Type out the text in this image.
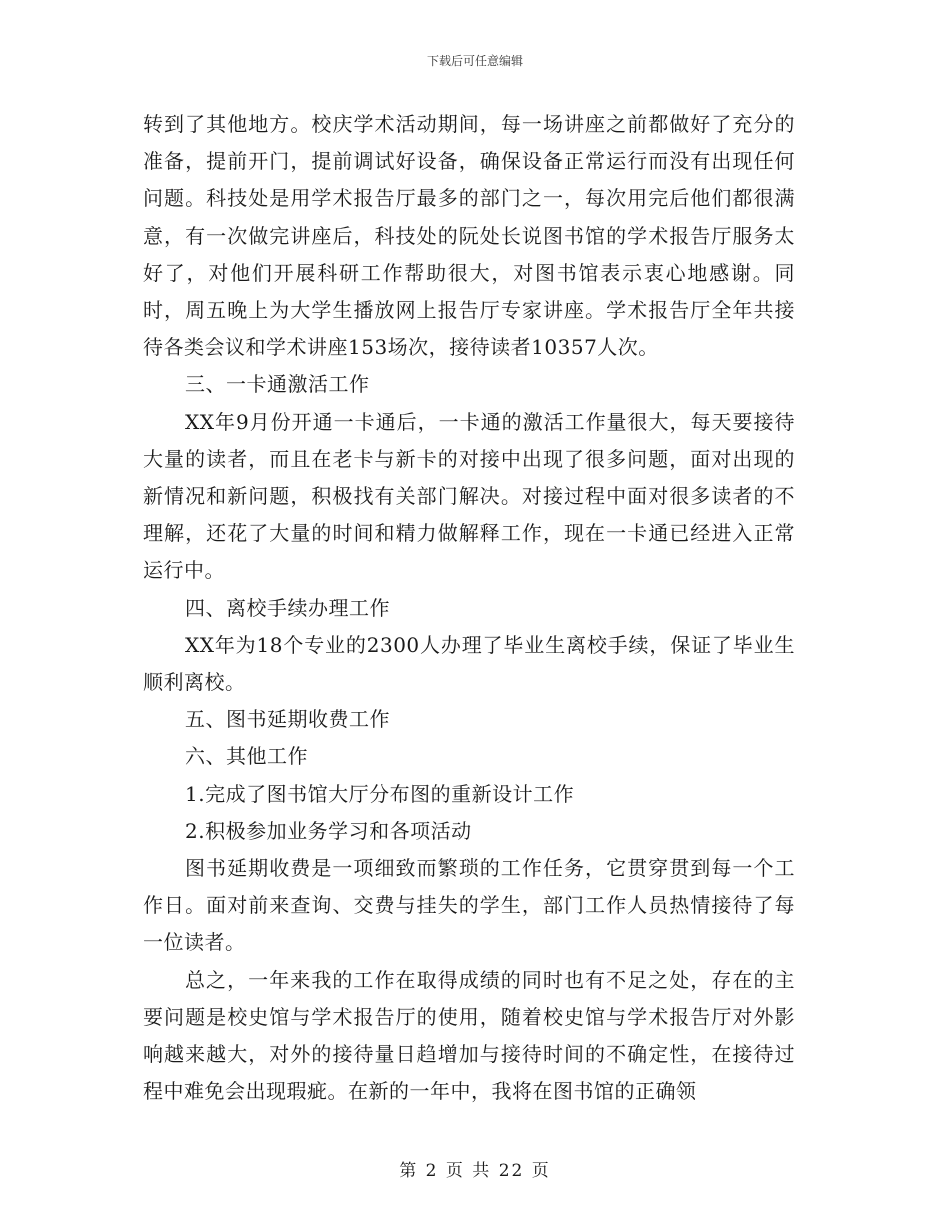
下载后可任意编辑

转到了其他地方。校庆学术活动期间，每一场讲座之前都做好了充分的准备，提前开门，提前调试好设备，确保设备正常运行而没有出现任何问题。科技处是用学术报告厅最多的部门之一，每次用完后他们都很满意，有一次做完讲座后，科技处的阮处长说图书馆的学术报告厅服务太好了，对他们开展科研工作帮助很大，对图书馆表示衷心地感谢。同时，周五晚上为大学生播放网上报告厅专家讲座。学术报告厅全年共接待各类会议和学术讲座153场次，接待读者10357人次。

三、一卡通激活工作

XX年9月份开通一卡通后，一卡通的激活工作量很大，每天要接待大量的读者，而且在老卡与新卡的对接中出现了很多问题，面对出现的新情况和新问题，积极找有关部门解决。对接过程中面对很多读者的不理解，还花了大量的时间和精力做解释工作，现在一卡通已经进入正常运行中。

四、离校手续办理工作

XX年为18个专业的2300人办理了毕业生离校手续，保证了毕业生顺利离校。

五、图书延期收费工作

六、其他工作

1.完成了图书馆大厅分布图的重新设计工作

2.积极参加业务学习和各项活动

图书延期收费是一项细致而繁琐的工作任务，它贯穿贯到每一个工作日。面对前来查询、交费与挂失的学生，部门工作人员热情接待了每一位读者。

总之，一年来我的工作在取得成绩的同时也有不足之处，存在的主要问题是校史馆与学术报告厅的使用，随着校史馆与学术报告厅对外影响越来越大，对外的接待量日趋增加与接待时间的不确定性，在接待过程中难免会出现瑕疵。在新的一年中，我将在图书馆的正确领

第 2 页 共 22 页
